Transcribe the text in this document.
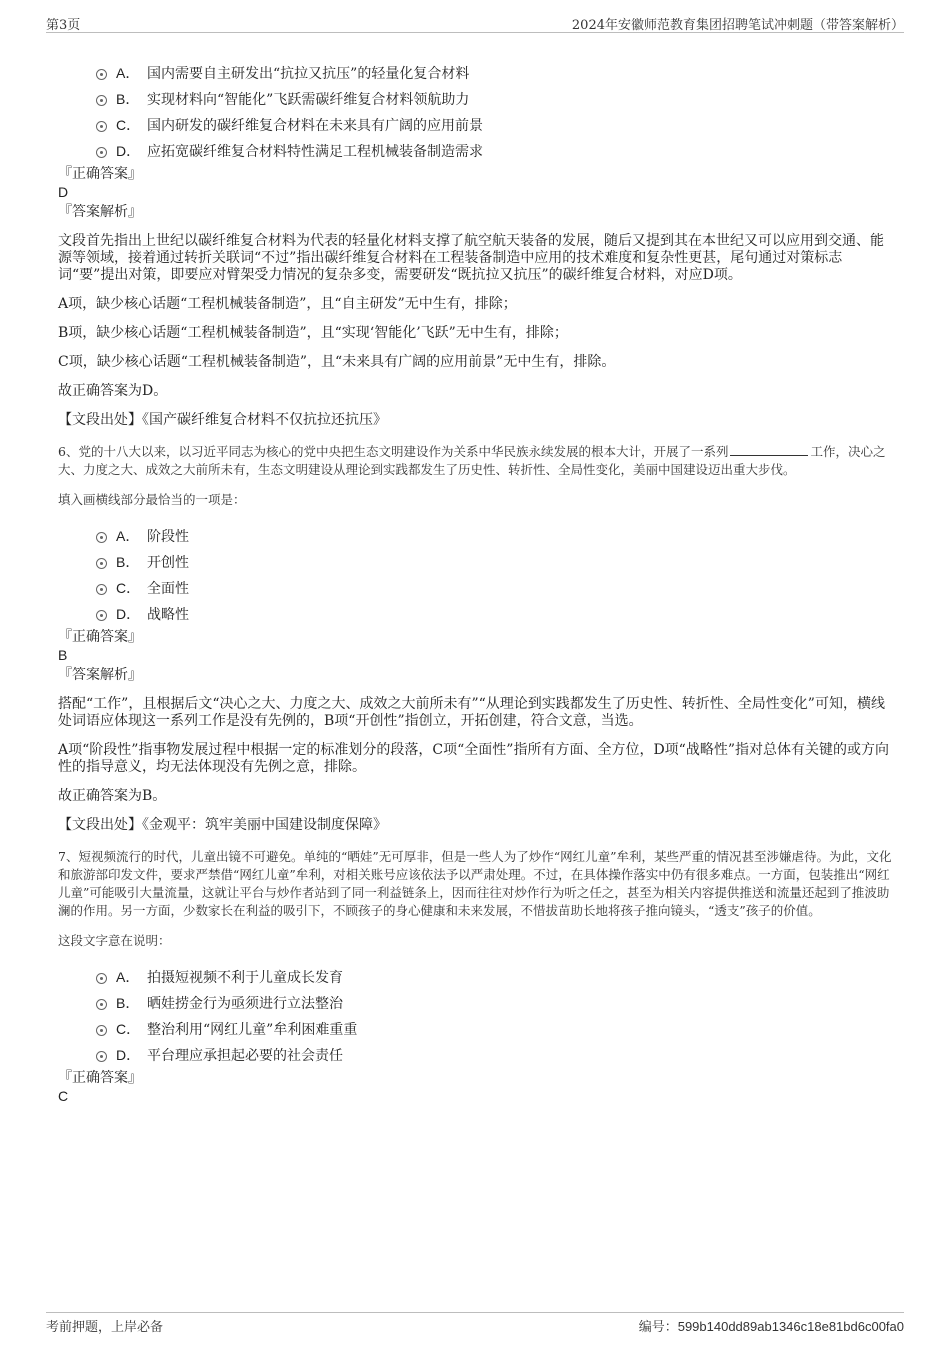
第3页	2024年安徽师范教育集团招聘笔试冲刺题（带答案解析）
A． 国内需要自主研发出“抗拉又抗压”的轻量化复合材料
B． 实现材料向“智能化”飞跃需碳纤维复合材料领航助力
C． 国内研发的碳纤维复合材料在未来具有广阔的应用前景
D． 应拓宽碳纤维复合材料特性满足工程机械装备制造需求
『正确答案』
D
『答案解析』

文段首先指出上世纪以碳纤维复合材料为代表的轻量化材料支撑了航空航天装备的发展，随后又提到其在本世纪又可以应用到交通、能源等领域，接着通过转折关联词“不过”指出碳纤维复合材料在工程装备制造中应用的技术难度和复杂性更甚，尾句通过对策标志词“要”提出对策，即要应对臂架受力情况的复杂多变，需要研发“既抗拉又抗压”的碳纤维复合材料，对应D项。

A项，缺少核心话题“工程机械装备制造”，且“自主研发”无中生有，排除；

B项，缺少核心话题“工程机械装备制造”，且“实现‘智能化’飞跃”无中生有，排除；

C项，缺少核心话题“工程机械装备制造”，且“未来具有广阔的应用前景”无中生有，排除。

故正确答案为D。

【文段出处】《国产碳纤维复合材料不仅抗拉还抗压》

6、党的十八大以来，以习近平同志为核心的党中央把生态文明建设作为关系中华民族永续发展的根本大计，开展了一系列	工作，决心之大、力度之大、成效之大前所未有，生态文明建设从理论到实践都发生了历史性、转折性、全局性变化，美丽中国建设迈出重大步伐。

填入画横线部分最恰当的一项是：

A． 阶段性
B． 开创性
C． 全面性
D． 战略性
『正确答案』
B
『答案解析』

搭配“工作”，且根据后文“决心之大、力度之大、成效之大前所未有”“从理论到实践都发生了历史性、转折性、全局性变化”可知，横线处词语应体现这一系列工作是没有先例的，B项“开创性”指创立，开拓创建，符合文意，当选。

A项“阶段性”指事物发展过程中根据一定的标准划分的段落，C项“全面性”指所有方面、全方位，D项“战略性”指对总体有关键的或方向性的指导意义，均无法体现没有先例之意，排除。

故正确答案为B。

【文段出处】《金观平：筑牢美丽中国建设制度保障》

7、短视频流行的时代，儿童出镜不可避免。单纯的“晒娃”无可厚非，但是一些人为了炒作“网红儿童”牟利，某些严重的情况甚至涉嫌虐待。为此，文化和旅游部印发文件，要求严禁借“网红儿童”牟利，对相关账号应该依法予以严肃处理。不过，在具体操作落实中仍有很多难点。一方面，包装推出“网红儿童”可能吸引大量流量，这就让平台与炒作者站到了同一利益链条上，因而往往对炒作行为听之任之，甚至为相关内容提供推送和流量还起到了推波助澜的作用。另一方面，少数家长在利益的吸引下，不顾孩子的身心健康和未来发展，不惜拔苗助长地将孩子推向镜头，“透支”孩子的价值。

这段文字意在说明：

A． 拍摄短视频不利于儿童成长发育
B． 晒娃捞金行为亟须进行立法整治
C． 整治利用“网红儿童”牟利困难重重
D． 平台理应承担起必要的社会责任
『正确答案』
C
考前押题，上岸必备	编号：599b140dd89ab1346c18e81bd6c00fa0
